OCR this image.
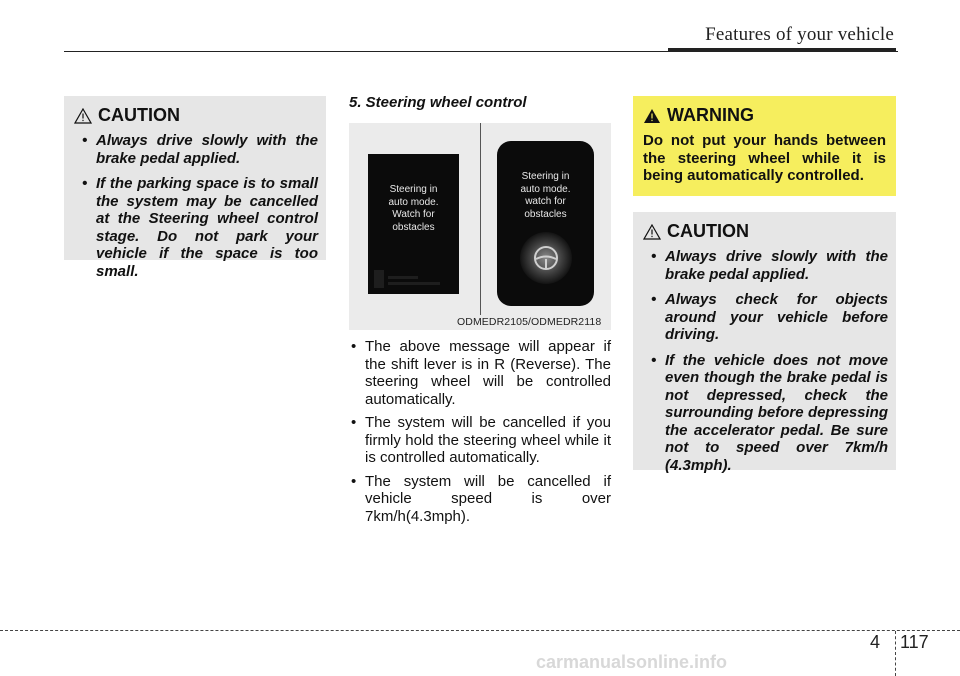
Features of your vehicle
CAUTION
• Always drive slowly with the brake pedal applied.
• If the parking space is to small the system may be cancelled at the Steering wheel control stage. Do not park your vehicle if the space is too small.
5. Steering wheel control
Steering in
auto mode.
Watch for
obstacles
Steering in
auto mode.
watch for
obstacles
ODMEDR2105/ODMEDR2118
• The above message will appear if the shift lever is in R (Reverse). The steering wheel will be controlled automatically.
• The system will be cancelled if you firmly hold the steering wheel while it is controlled automatically.
• The system will be cancelled if vehicle speed is over 7km/h(4.3mph).
WARNING

Do not put your hands between the steering wheel while it is being automatically controlled.

CAUTION
• Always drive slowly with the brake pedal applied.
• Always check for objects around your vehicle before driving.
• If the vehicle does not move even though the brake pedal is not depressed, check the surrounding before depressing the accelerator pedal. Be sure not to speed over 7km/h (4.3mph).
4 117
carmanualsonline.info
